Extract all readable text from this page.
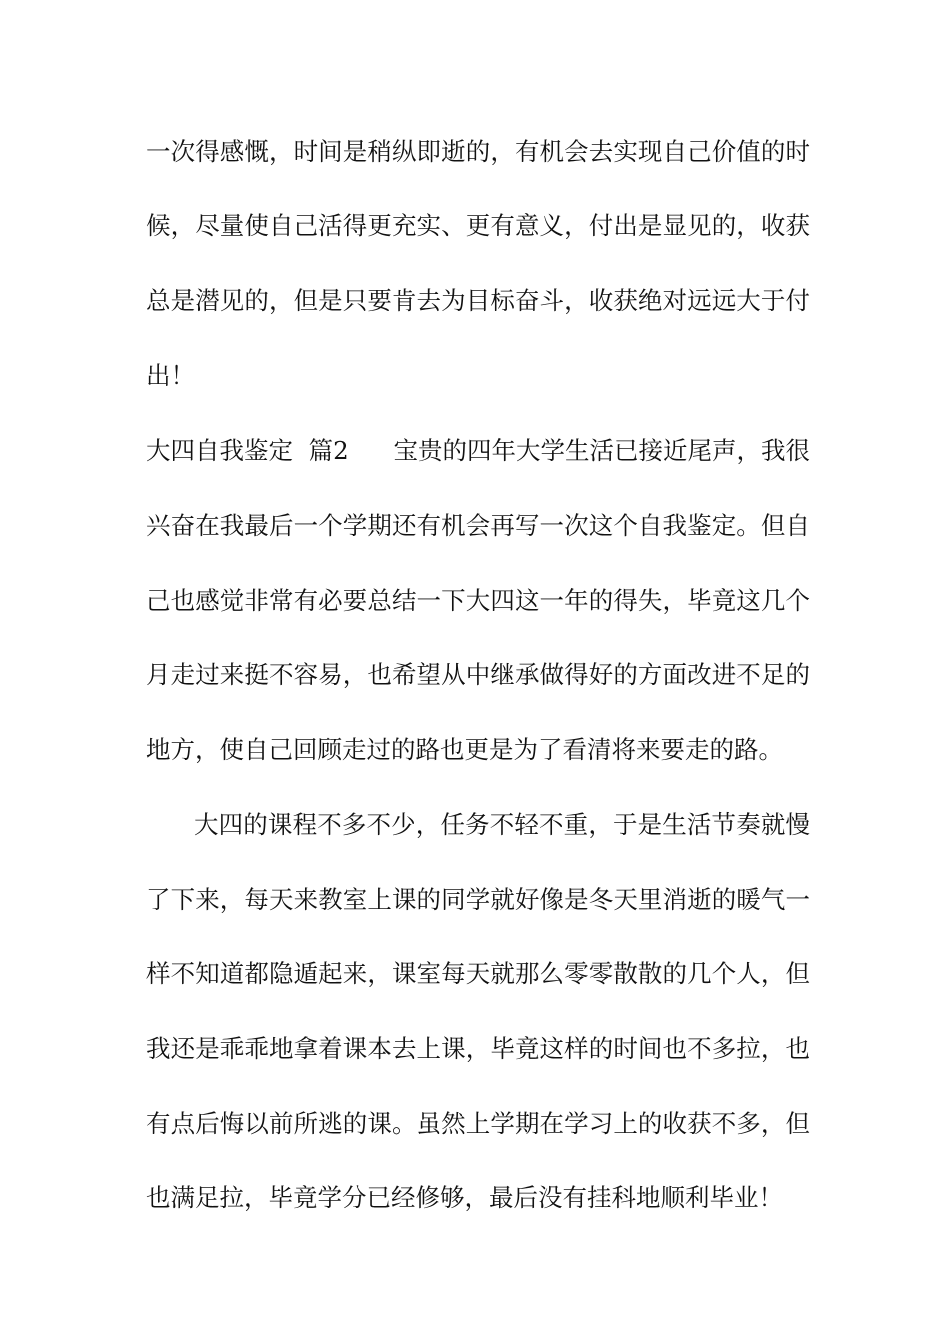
一次得感慨，时间是稍纵即逝的，有机会去实现自己价值的时
候，尽量使自己活得更充实、更有意义，付出是显见的，收获
总是潜见的，但是只要肯去为目标奋斗，收获绝对远远大于付
出！
大四自我鉴定  篇2 宝贵的四年大学生活已接近尾声，我很
兴奋在我最后一个学期还有机会再写一次这个自我鉴定。但自
己也感觉非常有必要总结一下大四这一年的得失，毕竟这几个
月走过来挺不容易，也希望从中继承做得好的方面改进不足的
地方，使自己回顾走过的路也更是为了看清将来要走的路。
大四的课程不多不少，任务不轻不重，于是生活节奏就慢
了下来，每天来教室上课的同学就好像是冬天里消逝的暖气一
样不知道都隐遁起来，课室每天就那么零零散散的几个人，但
我还是乖乖地拿着课本去上课，毕竟这样的时间也不多拉，也
有点后悔以前所逃的课。虽然上学期在学习上的收获不多，但
也满足拉，毕竟学分已经修够，最后没有挂科地顺利毕业！
